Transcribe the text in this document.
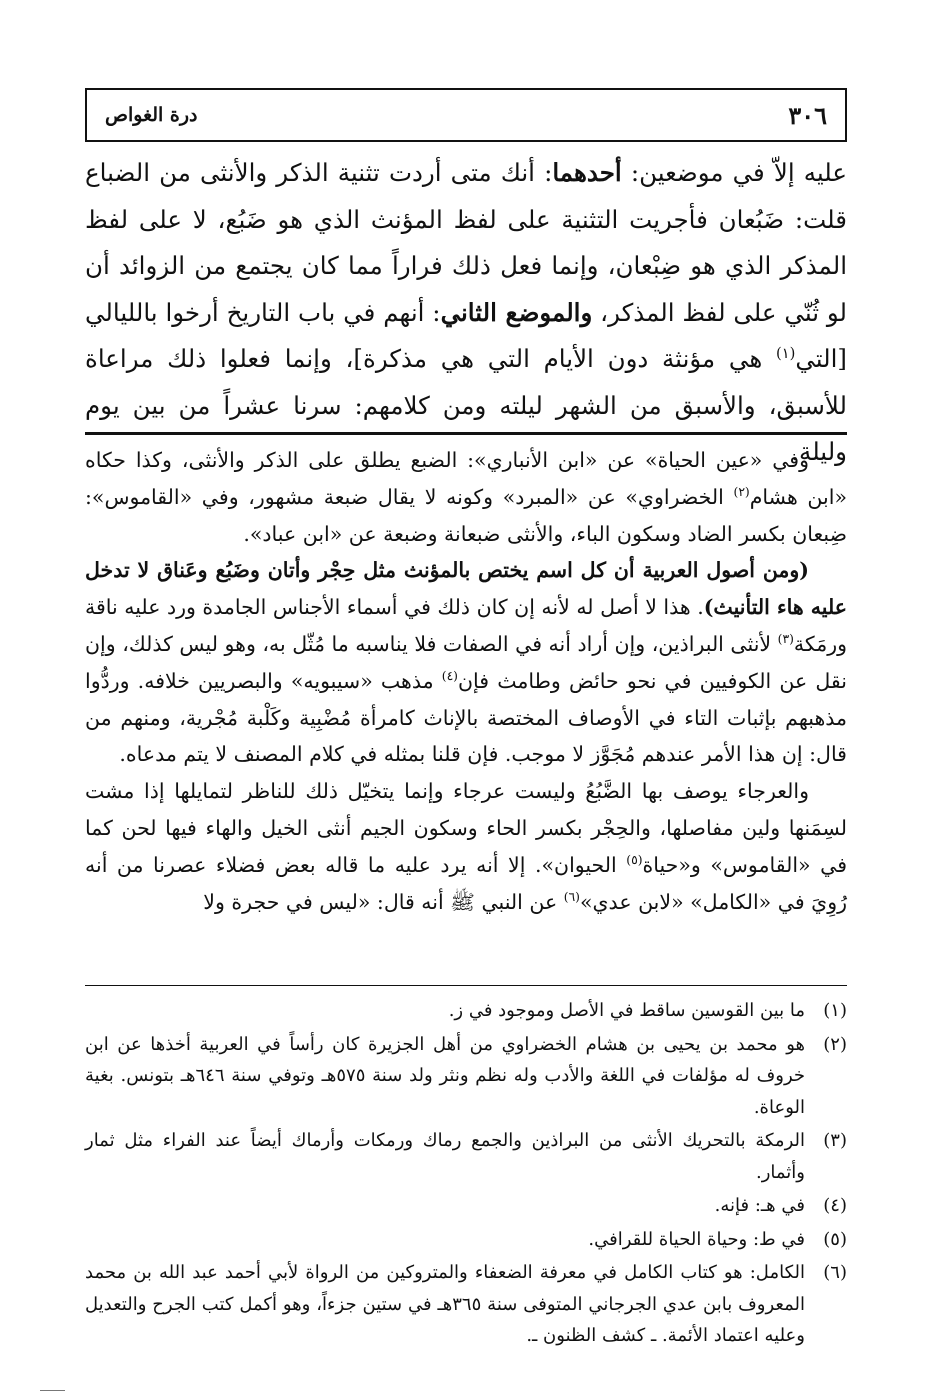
٣٠٦
درة الغواص

عليه إلاّ في موضعين: أحدهما: أنك متى أردت تثنية الذكر والأنثى من الضباع قلت: ضَبُعان فأجريت التثنية على لفظ المؤنث الذي هو ضَبُع، لا على لفظ المذكر الذي هو ضِبْعان، وإنما فعل ذلك فراراً مما كان يجتمع من الزوائد أن لو ثُنّي على لفظ المذكر، والموضع الثاني: أنهم في باب التاريخ أرخوا بالليالي [التي$^{(١)}$ هي مؤنثة دون الأيام التي هي مذكرة]، وإنما فعلوا ذلك مراعاة للأسبق، والأسبق من الشهر ليلته ومن كلامهم: سرنا عشراً من بين يوم وليلة.

وفي «عين الحياة» عن «ابن الأنباري»: الضبع يطلق على الذكر والأنثى، وكذا حكاه «ابن هشام$^{(٢)}$ الخضراوي» عن «المبرد» وكونه لا يقال ضبعة مشهور، وفي «القاموس»: ضِبعان بكسر الضاد وسكون الباء، والأنثى ضبعانة وضبعة عن «ابن عباد».

(ومن أصول العربية أن كل اسم يختص بالمؤنث مثل حِجْر وأتان وضَبُع وعَناق لا تدخل عليه هاء التأنيث). هذا لا أصل له لأنه إن كان ذلك في أسماء الأجناس الجامدة ورد عليه ناقة ورمَكة$^{(٣)}$ لأنثى البراذين، وإن أراد أنه في الصفات فلا يناسبه ما مُثّل به، وهو ليس كذلك، وإن نقل عن الكوفيين في نحو حائض وطامث فإن$^{(٤)}$ مذهب «سيبويه» والبصريين خلافه. وردُّوا مذهبهم بإثبات التاء في الأوصاف المختصة بالإناث كامرأة مُضْبِية وكَلْبة مُجْرية، ومنهم من قال: إن هذا الأمر عندهم مُجَوَّز لا موجب. فإن قلنا بمثله في كلام المصنف لا يتم مدعاه.

والعرجاء يوصف بها الضَّبُعُ وليست عرجاء وإنما يتخيّل ذلك للناظر لتمايلها إذا مشت لسِمَنها ولين مفاصلها، والحِجْر بكسر الحاء وسكون الجيم أنثى الخيل والهاء فيها لحن كما في «القاموس» و«حياة$^{(٥)}$ الحيوان». إلا أنه يرد عليه ما قاله بعض فضلاء عصرنا من أنه رُوِيَ في «الكامل» «لابن عدي»$^{(٦)}$ عن النبي ﷺ أنه قال: «ليس في حجرة ولا

(١)
ما بين القوسين ساقط في الأصل وموجود في ز.
(٢)
هو محمد بن يحيى بن هشام الخضراوي من أهل الجزيرة كان رأساً في العربية أخذها عن ابن خروف له مؤلفات في اللغة والأدب وله نظم ونثر ولد سنة ٥٧٥هـ وتوفي سنة ٦٤٦هـ بتونس. بغية الوعاة.
(٣)
الرمكة بالتحريك الأنثى من البراذين والجمع رماك ورمكات وأرماك أيضاً عند الفراء مثل ثمار وأثمار.
(٤)
في هـ: فإنه.
(٥)
في ط: وحياة الحياة للقرافي.
(٦)
الكامل: هو كتاب الكامل في معرفة الضعفاء والمتروكين من الرواة لأبي أحمد عبد الله بن محمد المعروف بابن عدي الجرجاني المتوفى سنة ٣٦٥هـ في ستين جزءاً، وهو أكمل كتب الجرح والتعديل وعليه اعتماد الأئمة. ـ كشف الظنون ـ.
